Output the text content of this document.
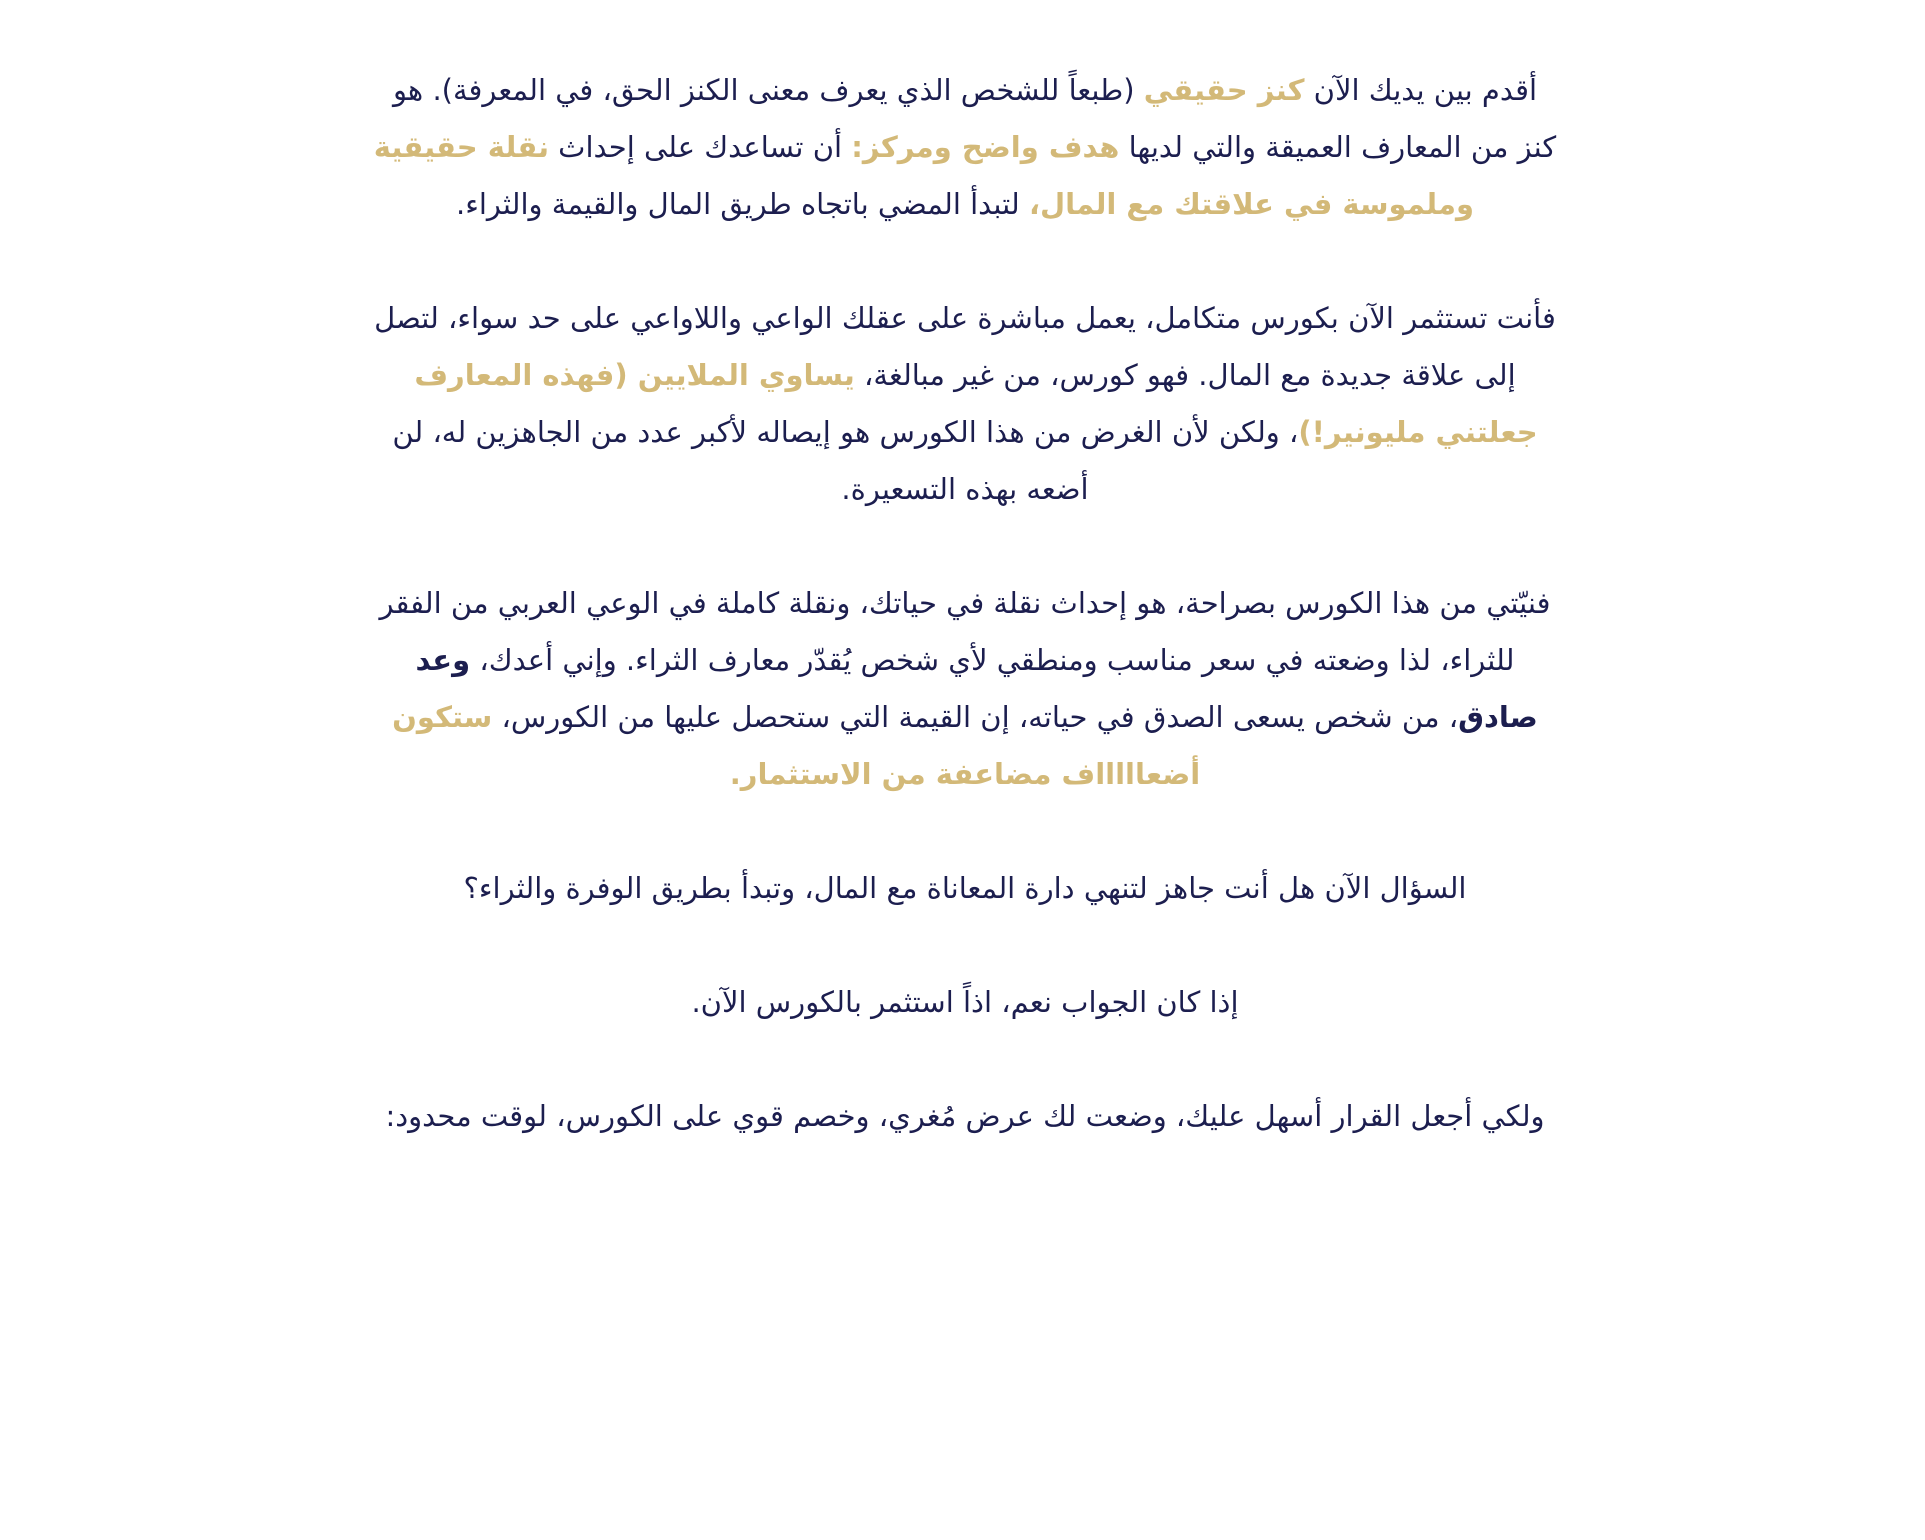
أقدم بين يديك الآن كنز حقيقي (طبعاً للشخص الذي يعرف معنى الكنز الحق، في المعرفة). هو كنز من المعارف العميقة والتي لديها هدف واضح ومركز: أن تساعدك على إحداث نقلة حقيقية وملموسة في علاقتك مع المال، لتبدأ المضي باتجاه طريق المال والقيمة والثراء.

فأنت تستثمر الآن بكورس متكامل، يعمل مباشرة على عقلك الواعي واللاواعي على حد سواء، لتصل إلى علاقة جديدة مع المال. فهو كورس، من غير مبالغة، يساوي الملايين (فهذه المعارف جعلتني مليونير!)، ولكن لأن الغرض من هذا الكورس هو إيصاله لأكبر عدد من الجاهزين له، لن أضعه بهذه التسعيرة.

فنيّتي من هذا الكورس بصراحة، هو إحداث نقلة في حياتك، ونقلة كاملة في الوعي العربي من الفقر للثراء، لذا وضعته في سعر مناسب ومنطقي لأي شخص يُقدّر معارف الثراء. وإني أعدك، وعد صادق، من شخص يسعى الصدق في حياته، إن القيمة التي ستحصل عليها من الكورس، ستكون أضعاااااف مضاعفة من الاستثمار.

السؤال الآن هل أنت جاهز لتنهي دارة المعاناة مع المال، وتبدأ بطريق الوفرة والثراء؟

إذا كان الجواب نعم، اذاً استثمر بالكورس الآن.

ولكي أجعل القرار أسهل عليك، وضعت لك عرض مُغري، وخصم قوي على الكورس، لوقت محدود:
